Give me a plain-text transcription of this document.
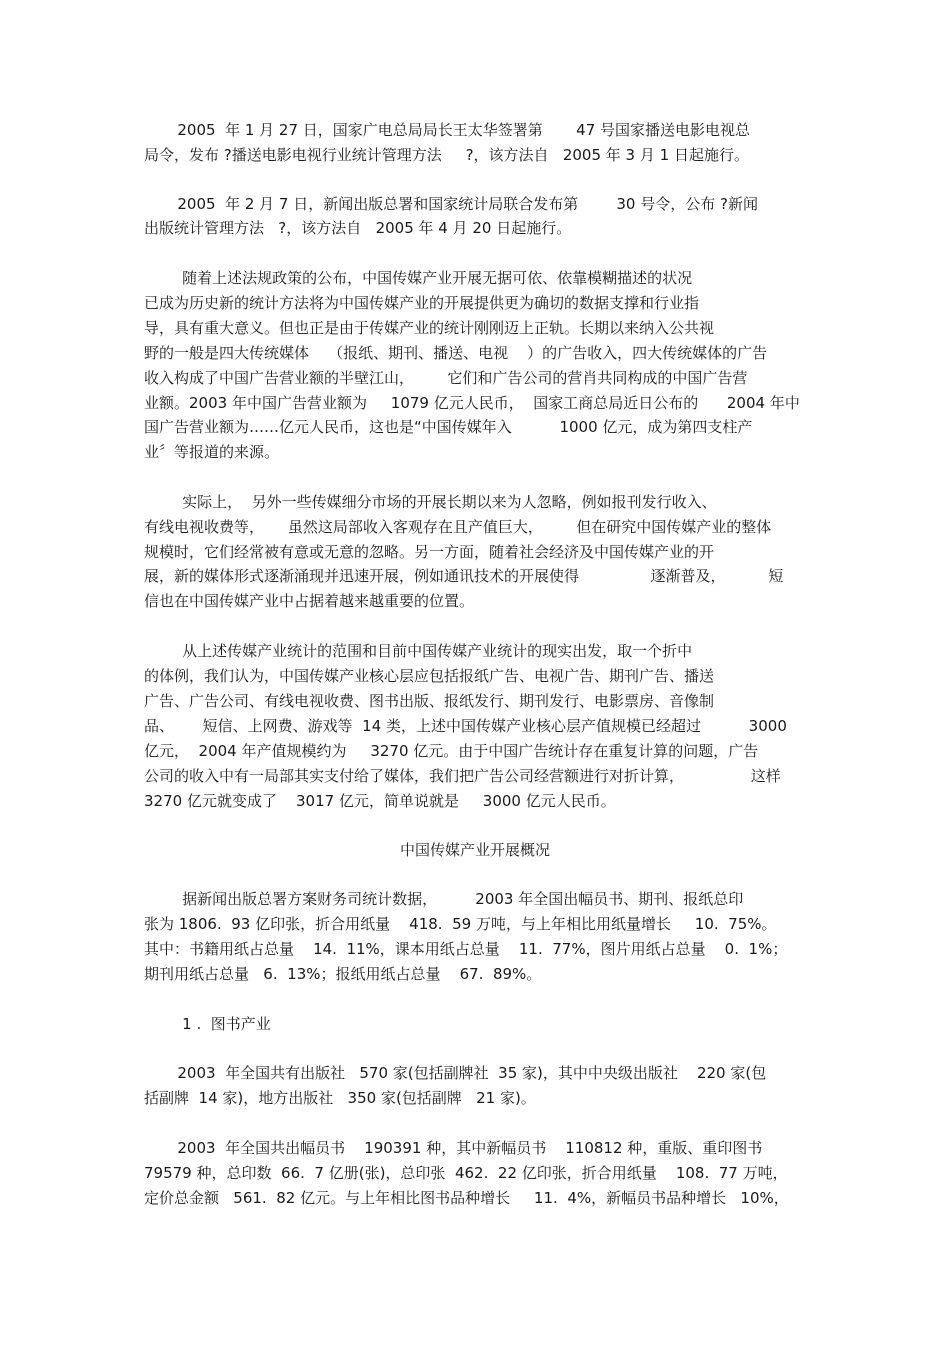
2005  年 1 月 27 日，国家广电总局局长王太华签署第       47 号国家播送电影电视总

局令，发布 ?播送电影电视行业统计管理方法     ?，该方法自   2005 年 3 月 1 日起施行。

2005  年 2 月 7 日，新闻出版总署和国家统计局联合发布第        30 号令，公布 ?新闻

出版统计管理方法   ?，该方法自   2005 年 4 月 20 日起施行。

随着上述法规政策的公布，中国传媒产业开展无据可依、依靠模糊描述的状况

已成为历史新的统计方法将为中国传媒产业的开展提供更为确切的数据支撑和行业指

导，具有重大意义。但也正是由于传媒产业的统计刚刚迈上正轨。长期以来纳入公共视

野的一般是四大传统媒体    （报纸、期刊、播送、电视    ）的广告收入，四大传统媒体的广告

收入构成了中国广告营业额的半壁江山，       它们和广告公司的营肖共同构成的中国广告营

业额。2003 年中国广告营业额为     1079 亿元人民币，  国家工商总局近日公布的      2004 年中

国广告营业额为……亿元人民币，这也是“中国传媒年入          1000 亿元，成为第四支柱产

业〞等报道的来源。

实际上，  另外一些传媒细分市场的开展长期以来为人忽略，例如报刊发行收入、

有线电视收费等，     虽然这局部收入客观存在且产值巨大，       但在研究中国传媒产业的整体

规模时，它们经常被有意或无意的忽略。另一方面，随着社会经济及中国传媒产业的开

展，新的媒体形式逐渐涌现并迅速开展，例如通讯技术的开展使得               逐渐普及，         短

信也在中国传媒产业中占据着越来越重要的位置。

从上述传媒产业统计的范围和目前中国传媒产业统计的现实出发，取一个折中

的体例，我们认为，中国传媒产业核心层应包括报纸广告、电视广告、期刊广告、播送

广告、广告公司、有线电视收费、图书出版、报纸发行、期刊发行、电影票房、音像制

品、      短信、上网费、游戏等  14 类，上述中国传媒产业核心层产值规模已经超过          3000

亿元，  2004 年产值规模约为     3270 亿元。由于中国广告统计存在重复计算的问题，广告

公司的收入中有一局部其实支付给了媒体，我们把广告公司经营额进行对折计算，              这样

3270 亿元就变成了    3017 亿元，简单说就是     3000 亿元人民币。

中国传媒产业开展概况

据新闻出版总署方案财务司统计数据，        2003 年全国出幅员书、期刊、报纸总印

张为 1806.  93 亿印张，折合用纸量    418.  59 万吨，与上年相比用纸量增长     10.  75%。

其中：书籍用纸占总量    14.  11%，课本用纸占总量    11.  77%，图片用纸占总量    0.  1%；

期刊用纸占总量   6.  13%；报纸用纸占总量    67.  89%。

1 .  图书产业

2003  年全国共有出版社   570 家(包括副牌社  35 家)，其中中央级出版社    220 家(包

括副牌  14 家)，地方出版社   350 家(包括副牌   21 家)。

2003  年全国共出幅员书    190391 种，其中新幅员书    110812 种，重版、重印图书

79579 种，总印数  66.  7 亿册(张)，总印张  462.  22 亿印张，折合用纸量    108.  77 万吨，

定价总金额   561.  82 亿元。与上年相比图书品种增长     11.  4%，新幅员书品种增长   10%，
